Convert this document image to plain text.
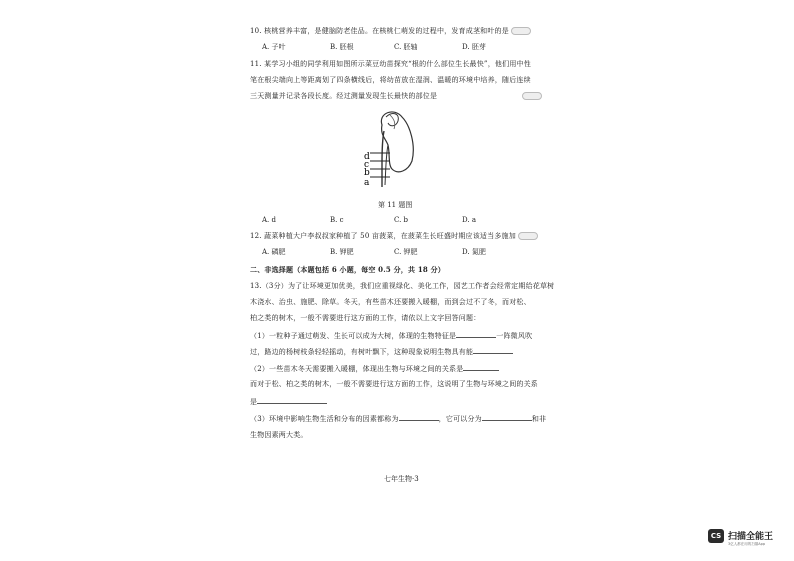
10. 核桃营养丰富，是健脑防老佳品。在核桃仁萌发的过程中，发育成茎和叶的是
A. 子叶	B. 胚根	C. 胚轴	D. 胚芽
11. 某学习小组的同学利用如图所示菜豆幼苗探究“根的什么部位生长最快”，他们用中性
笔在根尖端向上等距离划了四条横线后，将幼苗放在湿润、温暖的环境中培养，随后连续
三天测量并记录各段长度。经过测量发现生长最快的部位是
d
c
b
a
第 11 题图
A. d	B. c	C. b	D. a
12. 蔬菜种植大户李叔叔家种植了 50 亩菠菜，在菠菜生长旺盛时期应该适当多施加
A. 磷肥	B. 钾肥	C. 钾肥	D. 氮肥
二、非选择题（本题包括 6 小题，每空 0.5 分，共 18 分）
13.（3分）为了让环境更加优美，我们应重视绿化、美化工作，园艺工作者会经常定期给花草树
木浇水、治虫、施肥、除草。冬天，有些苗木还要搬入暖棚，而到会过不了冬，而对松、
柏之类的树木，一般不需要进行这方面的工作，请依以上文字回答问题：
（1）一粒种子通过萌发、生长可以成为大树，体现的生物特征是	一阵微风吹
过，路边的杨树枝条轻轻摇动，有树叶飘下，这种现象说明生物具有能
（2）一些苗木冬天需要搬入暖棚，体现出生物与环境之间的关系是
而对于松、柏之类的树木，一般不需要进行这方面的工作，这说明了生物与环境之间的关系
是
（3）环境中影响生物生活和分布的因素都称为	，它可以分为	和非
生物因素两大类。
七年生物·3
CS 扫描全能王
3亿人都在用的扫描App
